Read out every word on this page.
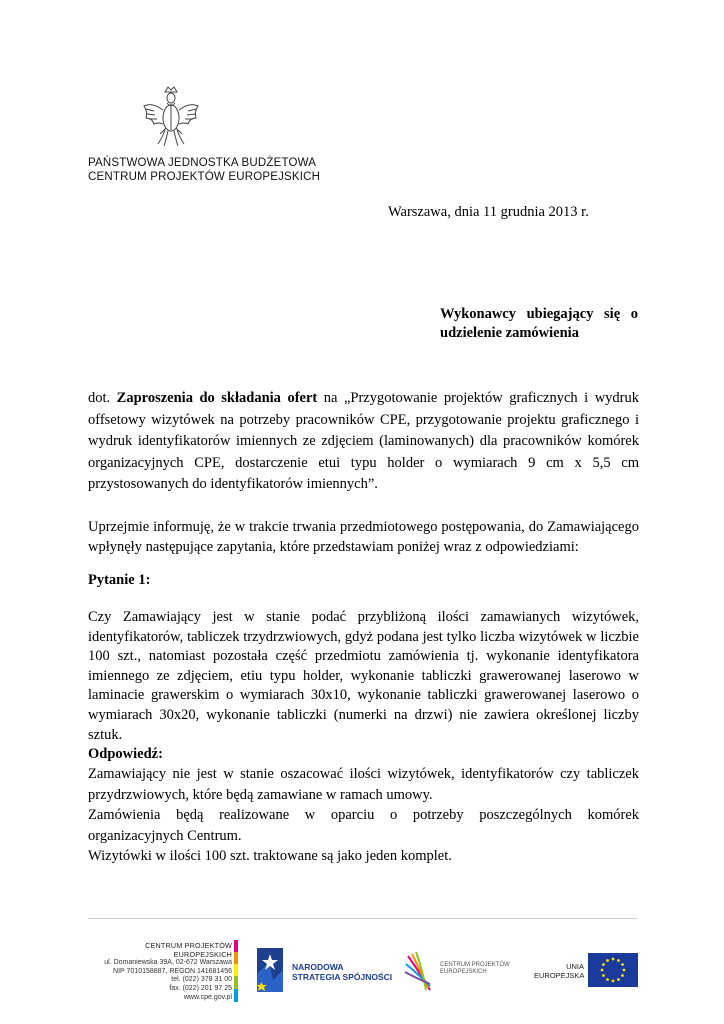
PAŃSTWOWA JEDNOSTKA BUDŻETOWA
CENTRUM PROJEKTÓW EUROPEJSKICH
Warszawa, dnia 11 grudnia 2013 r.
Wykonawcy ubiegający się o
udzielenie zamówienia

dot. Zaproszenia do składania ofert na „Przygotowanie projektów graficznych i wydruk offsetowy wizytówek na potrzeby pracowników CPE, przygotowanie projektu graficznego i wydruk identyfikatorów imiennych ze zdjęciem (laminowanych) dla pracowników komórek organizacyjnych CPE, dostarczenie etui typu holder o wymiarach 9 cm x 5,5 cm przystosowanych do identyfikatorów imiennych”.

Uprzejmie informuję, że w trakcie trwania przedmiotowego postępowania, do Zamawiającego wpłynęły następujące zapytania, które przedstawiam poniżej wraz z odpowiedziami:

Pytanie 1:

Czy Zamawiający jest w stanie podać przybliżoną ilości zamawianych wizytówek, identyfikatorów, tabliczek trzydrzwiowych, gdyż podana jest tylko liczba wizytówek w liczbie 100 szt., natomiast pozostała część przedmiotu zamówienia tj. wykonanie identyfikatora imiennego ze zdjęciem, etiu typu holder, wykonanie tabliczki grawerowanej laserowo w laminacie grawerskim o wymiarach 30x10, wykonanie tabliczki grawerowanej laserowo o wymiarach 30x20, wykonanie tabliczki (numerki na drzwi) nie zawiera określonej liczby sztuk.

Odpowiedź:

Zamawiający nie jest w stanie oszacować ilości wizytówek, identyfikatorów czy tabliczek przydrzwiowych, które będą zamawiane w ramach umowy.

Zamówienia będą realizowane w oparciu o potrzeby poszczególnych komórek organizacyjnych Centrum.

Wizytówki w ilości 100 szt. traktowane są jako jeden komplet.

CENTRUM PROJEKTÓW EUROPEJSKICH
ul. Domaniewska 39A, 02-672 Warszawa
NIP 7010158887, REGON 141681456
tel. (022) 378 31 00
fax. (022) 201 97 25
www.cpe.gov.pl
NARODOWA
STRATEGIA SPÓJNOŚCI
CENTRUM PROJEKTÓW
EUROPEJSKICH
UNIA
EUROPEJSKA
